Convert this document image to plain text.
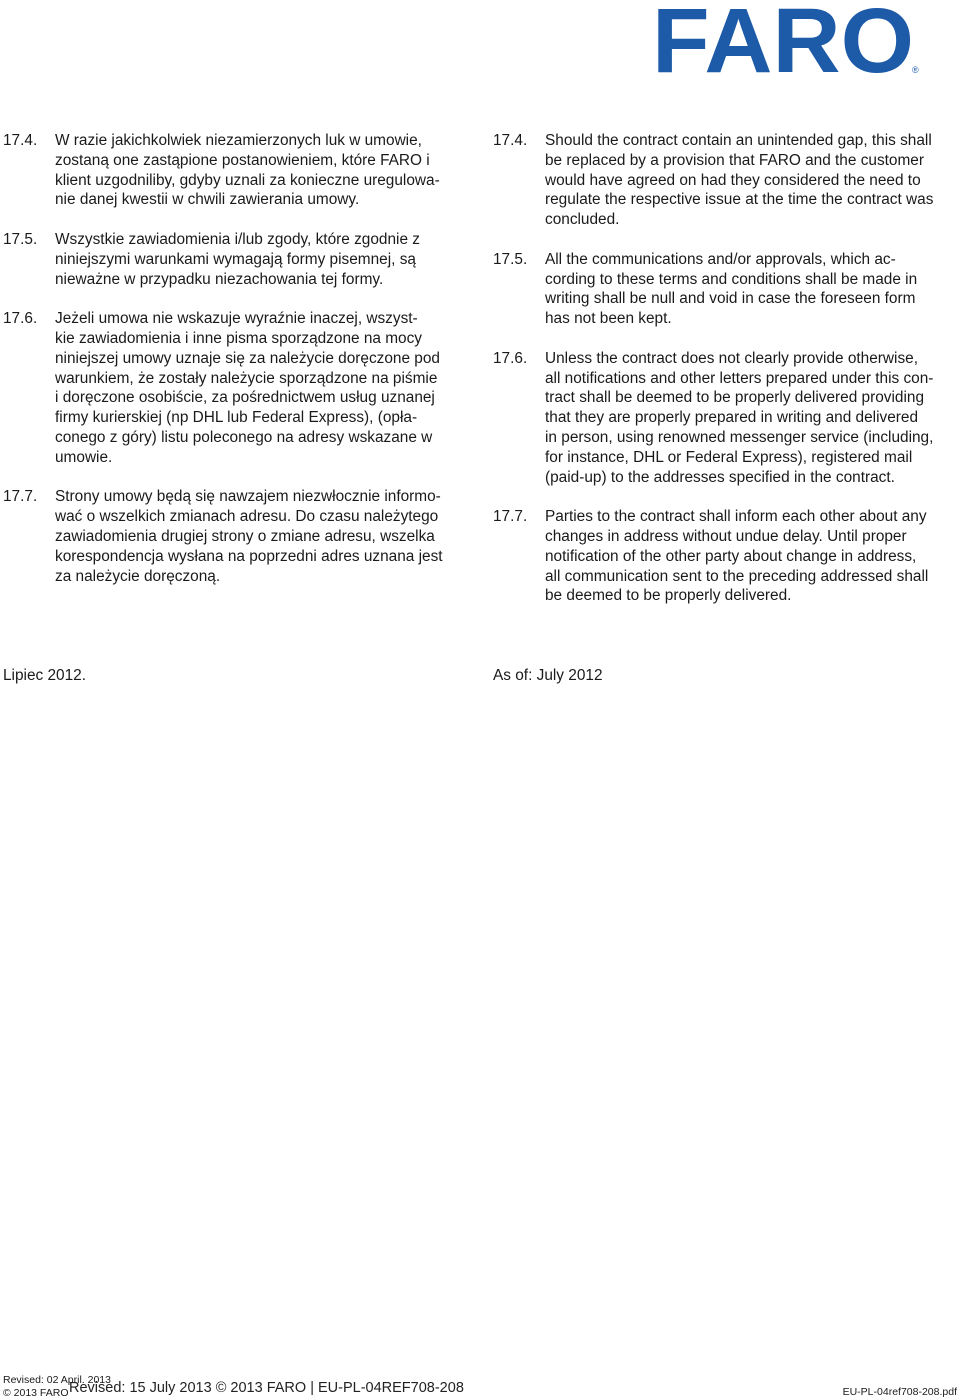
FARO
®
17.4.	W razie jakichkolwiek niezamierzonych luk w umowie,
zostaną one zastąpione postanowieniem, które FARO i
klient uzgodniliby, gdyby uznali za konieczne uregulowa-
nie danej kwestii w chwili zawierania umowy.
17.5.	Wszystkie zawiadomienia i/lub zgody, które zgodnie z
niniejszymi warunkami wymagają formy pisemnej, są
nieważne w przypadku niezachowania tej formy.
17.6.	Jeżeli umowa nie wskazuje wyraźnie inaczej, wszyst-
kie zawiadomienia i inne pisma sporządzone na mocy
niniejszej umowy uznaje się za należycie doręczone pod
warunkiem, że zostały należycie sporządzone na piśmie
i doręczone osobiście, za pośrednictwem usług uznanej
firmy kurierskiej (np DHL lub Federal Express), (opła-
conego z góry) listu poleconego na adresy wskazane w
umowie.
17.7.	Strony umowy będą się nawzajem niezwłocznie informo-
wać o wszelkich zmianach adresu. Do czasu należytego
zawiadomienia drugiej strony o zmiane adresu, wszelka
korespondencja wysłana na poprzedni adres uznana jest
za należycie doręczoną.
17.4.	Should the contract contain an unintended gap, this shall
be replaced by a provision that FARO and the customer
would have agreed on had they considered the need to
regulate the respective issue at the time the contract was
concluded.
17.5.	All the communications and/or approvals, which ac-
cording to these terms and conditions shall be made in
writing shall be null and void in case the foreseen form
has not been kept.
17.6.	Unless the contract does not clearly provide otherwise,
all notifications and other letters prepared under this con-
tract shall be deemed to be properly delivered providing
that they are properly prepared in writing and delivered
in person, using renowned messenger service (including,
for instance, DHL or Federal Express), registered mail
(paid-up) to the addresses specified in the contract.
17.7.	Parties to the contract shall inform each other about any
changes in address without undue delay. Until proper
notification of the other party about change in address,
all communication sent to the preceding addressed shall
be deemed to be properly delivered.
Lipiec 2012.	As of: July 2012
Revised: 02 April. 2013
© 2013 FARO Revised: 15 July 2013 © 2013 FARO | EU-PL-04REF708-208	EU-PL-04ref708-208.pdf
